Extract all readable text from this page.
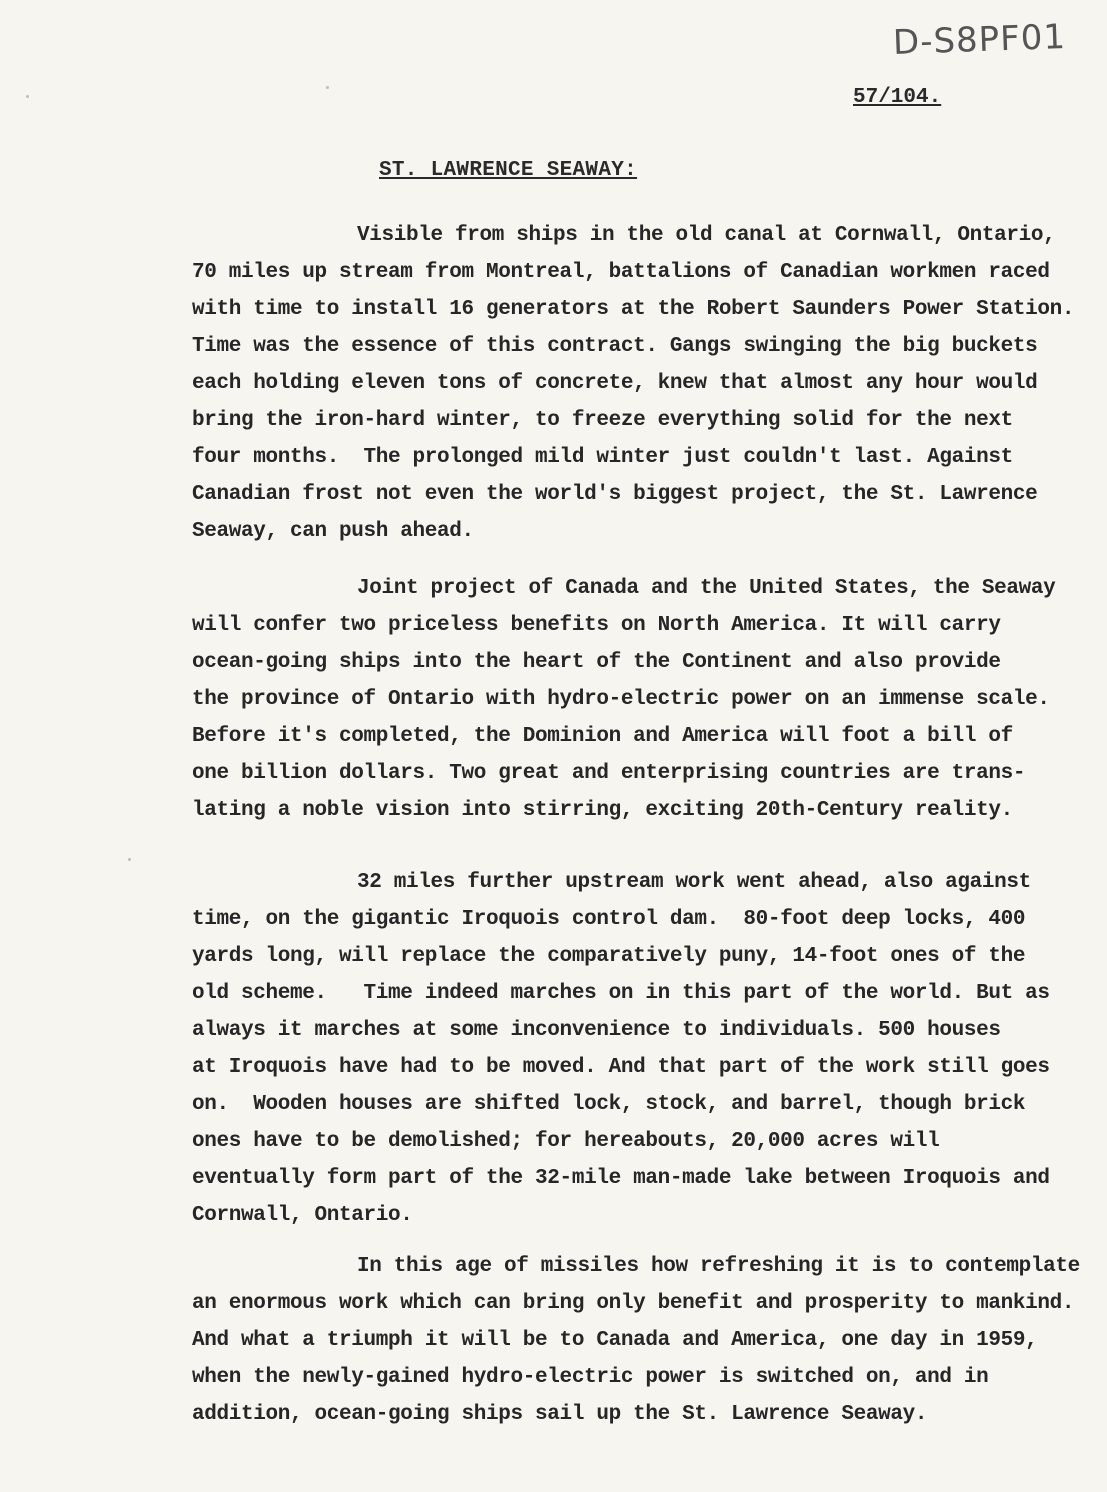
D-S8PF01
57/104.
ST. LAWRENCE SEAWAY:
Visible from ships in the old canal at Cornwall, Ontario,
70 miles up stream from Montreal, battalions of Canadian workmen raced
with time to install 16 generators at the Robert Saunders Power Station.
Time was the essence of this contract. Gangs swinging the big buckets
each holding eleven tons of concrete, knew that almost any hour would
bring the iron-hard winter, to freeze everything solid for the next
four months.  The prolonged mild winter just couldn't last. Against
Canadian frost not even the world's biggest project, the St. Lawrence
Seaway, can push ahead.
Joint project of Canada and the United States, the Seaway
will confer two priceless benefits on North America. It will carry
ocean-going ships into the heart of the Continent and also provide
the province of Ontario with hydro-electric power on an immense scale.
Before it's completed, the Dominion and America will foot a bill of
one billion dollars. Two great and enterprising countries are trans-
lating a noble vision into stirring, exciting 20th-Century reality.
32 miles further upstream work went ahead, also against
time, on the gigantic Iroquois control dam.  80-foot deep locks, 400
yards long, will replace the comparatively puny, 14-foot ones of the
old scheme.   Time indeed marches on in this part of the world. But as
always it marches at some inconvenience to individuals. 500 houses
at Iroquois have had to be moved. And that part of the work still goes
on.  Wooden houses are shifted lock, stock, and barrel, though brick
ones have to be demolished; for hereabouts, 20,000 acres will
eventually form part of the 32-mile man-made lake between Iroquois and
Cornwall, Ontario.
In this age of missiles how refreshing it is to contemplate
an enormous work which can bring only benefit and prosperity to mankind.
And what a triumph it will be to Canada and America, one day in 1959,
when the newly-gained hydro-electric power is switched on, and in
addition, ocean-going ships sail up the St. Lawrence Seaway.
